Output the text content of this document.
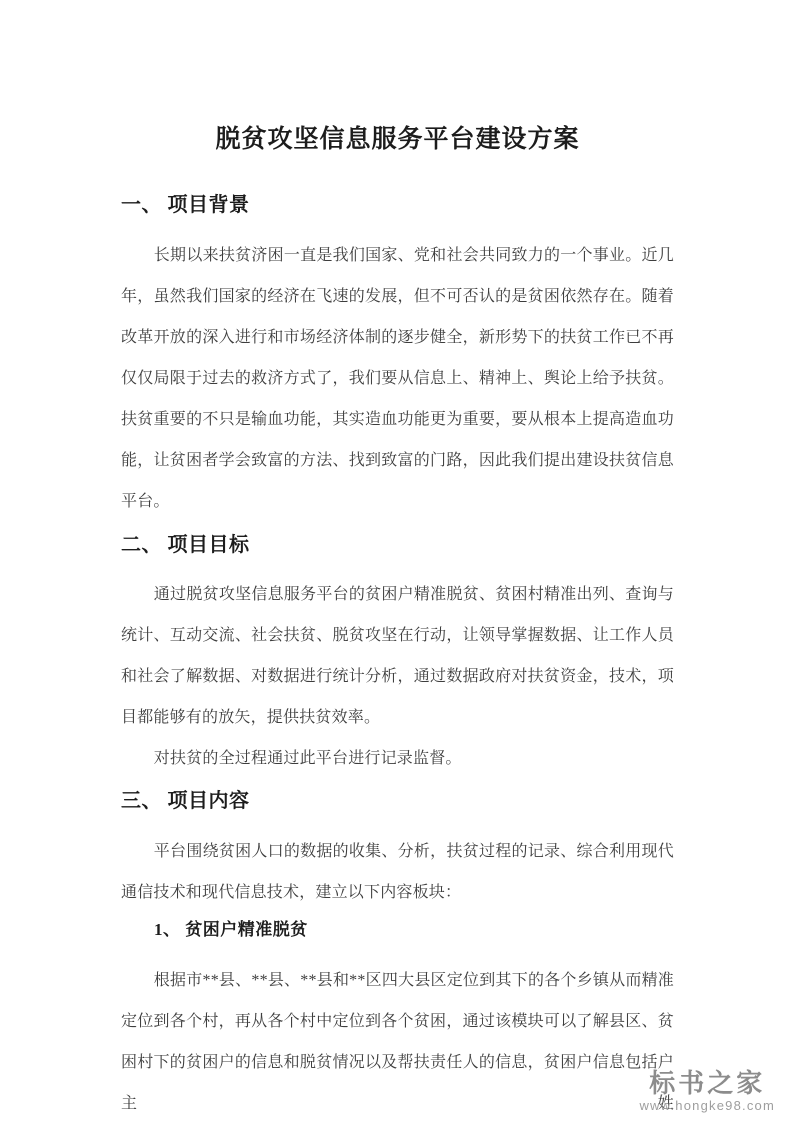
脱贫攻坚信息服务平台建设方案
一、 项目背景

长期以来扶贫济困一直是我们国家、党和社会共同致力的一个事业。近几年，虽然我们国家的经济在飞速的发展，但不可否认的是贫困依然存在。随着改革开放的深入进行和市场经济体制的逐步健全，新形势下的扶贫工作已不再仅仅局限于过去的救济方式了，我们要从信息上、精神上、舆论上给予扶贫。扶贫重要的不只是输血功能，其实造血功能更为重要，要从根本上提高造血功能，让贫困者学会致富的方法、找到致富的门路，因此我们提出建设扶贫信息平台。

二、 项目目标

通过脱贫攻坚信息服务平台的贫困户精准脱贫、贫困村精准出列、查询与统计、互动交流、社会扶贫、脱贫攻坚在行动，让领导掌握数据、让工作人员和社会了解数据、对数据进行统计分析，通过数据政府对扶贫资金，技术，项目都能够有的放矢，提供扶贫效率。

对扶贫的全过程通过此平台进行记录监督。

三、 项目内容

平台围绕贫困人口的数据的收集、分析，扶贫过程的记录、综合利用现代通信技术和现代信息技术，建立以下内容板块：

1、 贫困户精准脱贫

根据市**县、**县、**县和**区四大县区定位到其下的各个乡镇从而精准定位到各个村，再从各个村中定位到各个贫困，通过该模块可以了解县区、贫困村下的贫困户的信息和脱贫情况以及帮扶责任人的信息，贫困户信息包括户主姓

标书之家
www.hongke98.com
